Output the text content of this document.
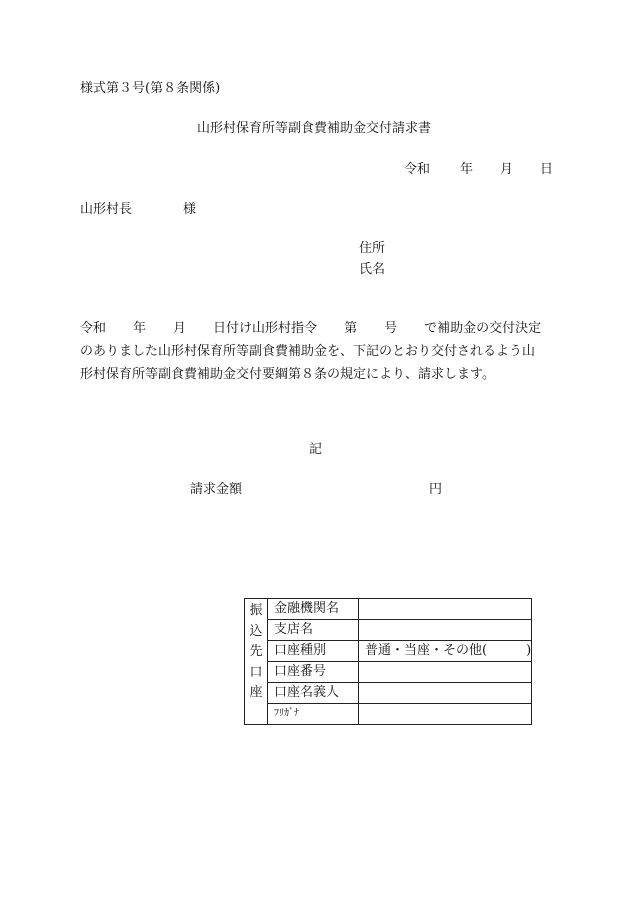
様式第３号(第８条関係)
山形村保育所等副食費補助金交付請求書
令和 年 月 日
山形村長	様
住所
氏名
令和 年 月 日付け山形村指令 第 号 で補助金の交付決定
のありました山形村保育所等副食費補助金を、下記のとおり交付されるよう山
形村保育所等副食費補助金交付要綱第８条の規定により、請求します。
記
請求金額	円
振
込
先
口
座	金融機関名	
	支店名	
	口座種別	普通・当座・その他(　　　)
	口座番号	
	口座名義人	
	ﾌﾘｶﾞﾅ	
